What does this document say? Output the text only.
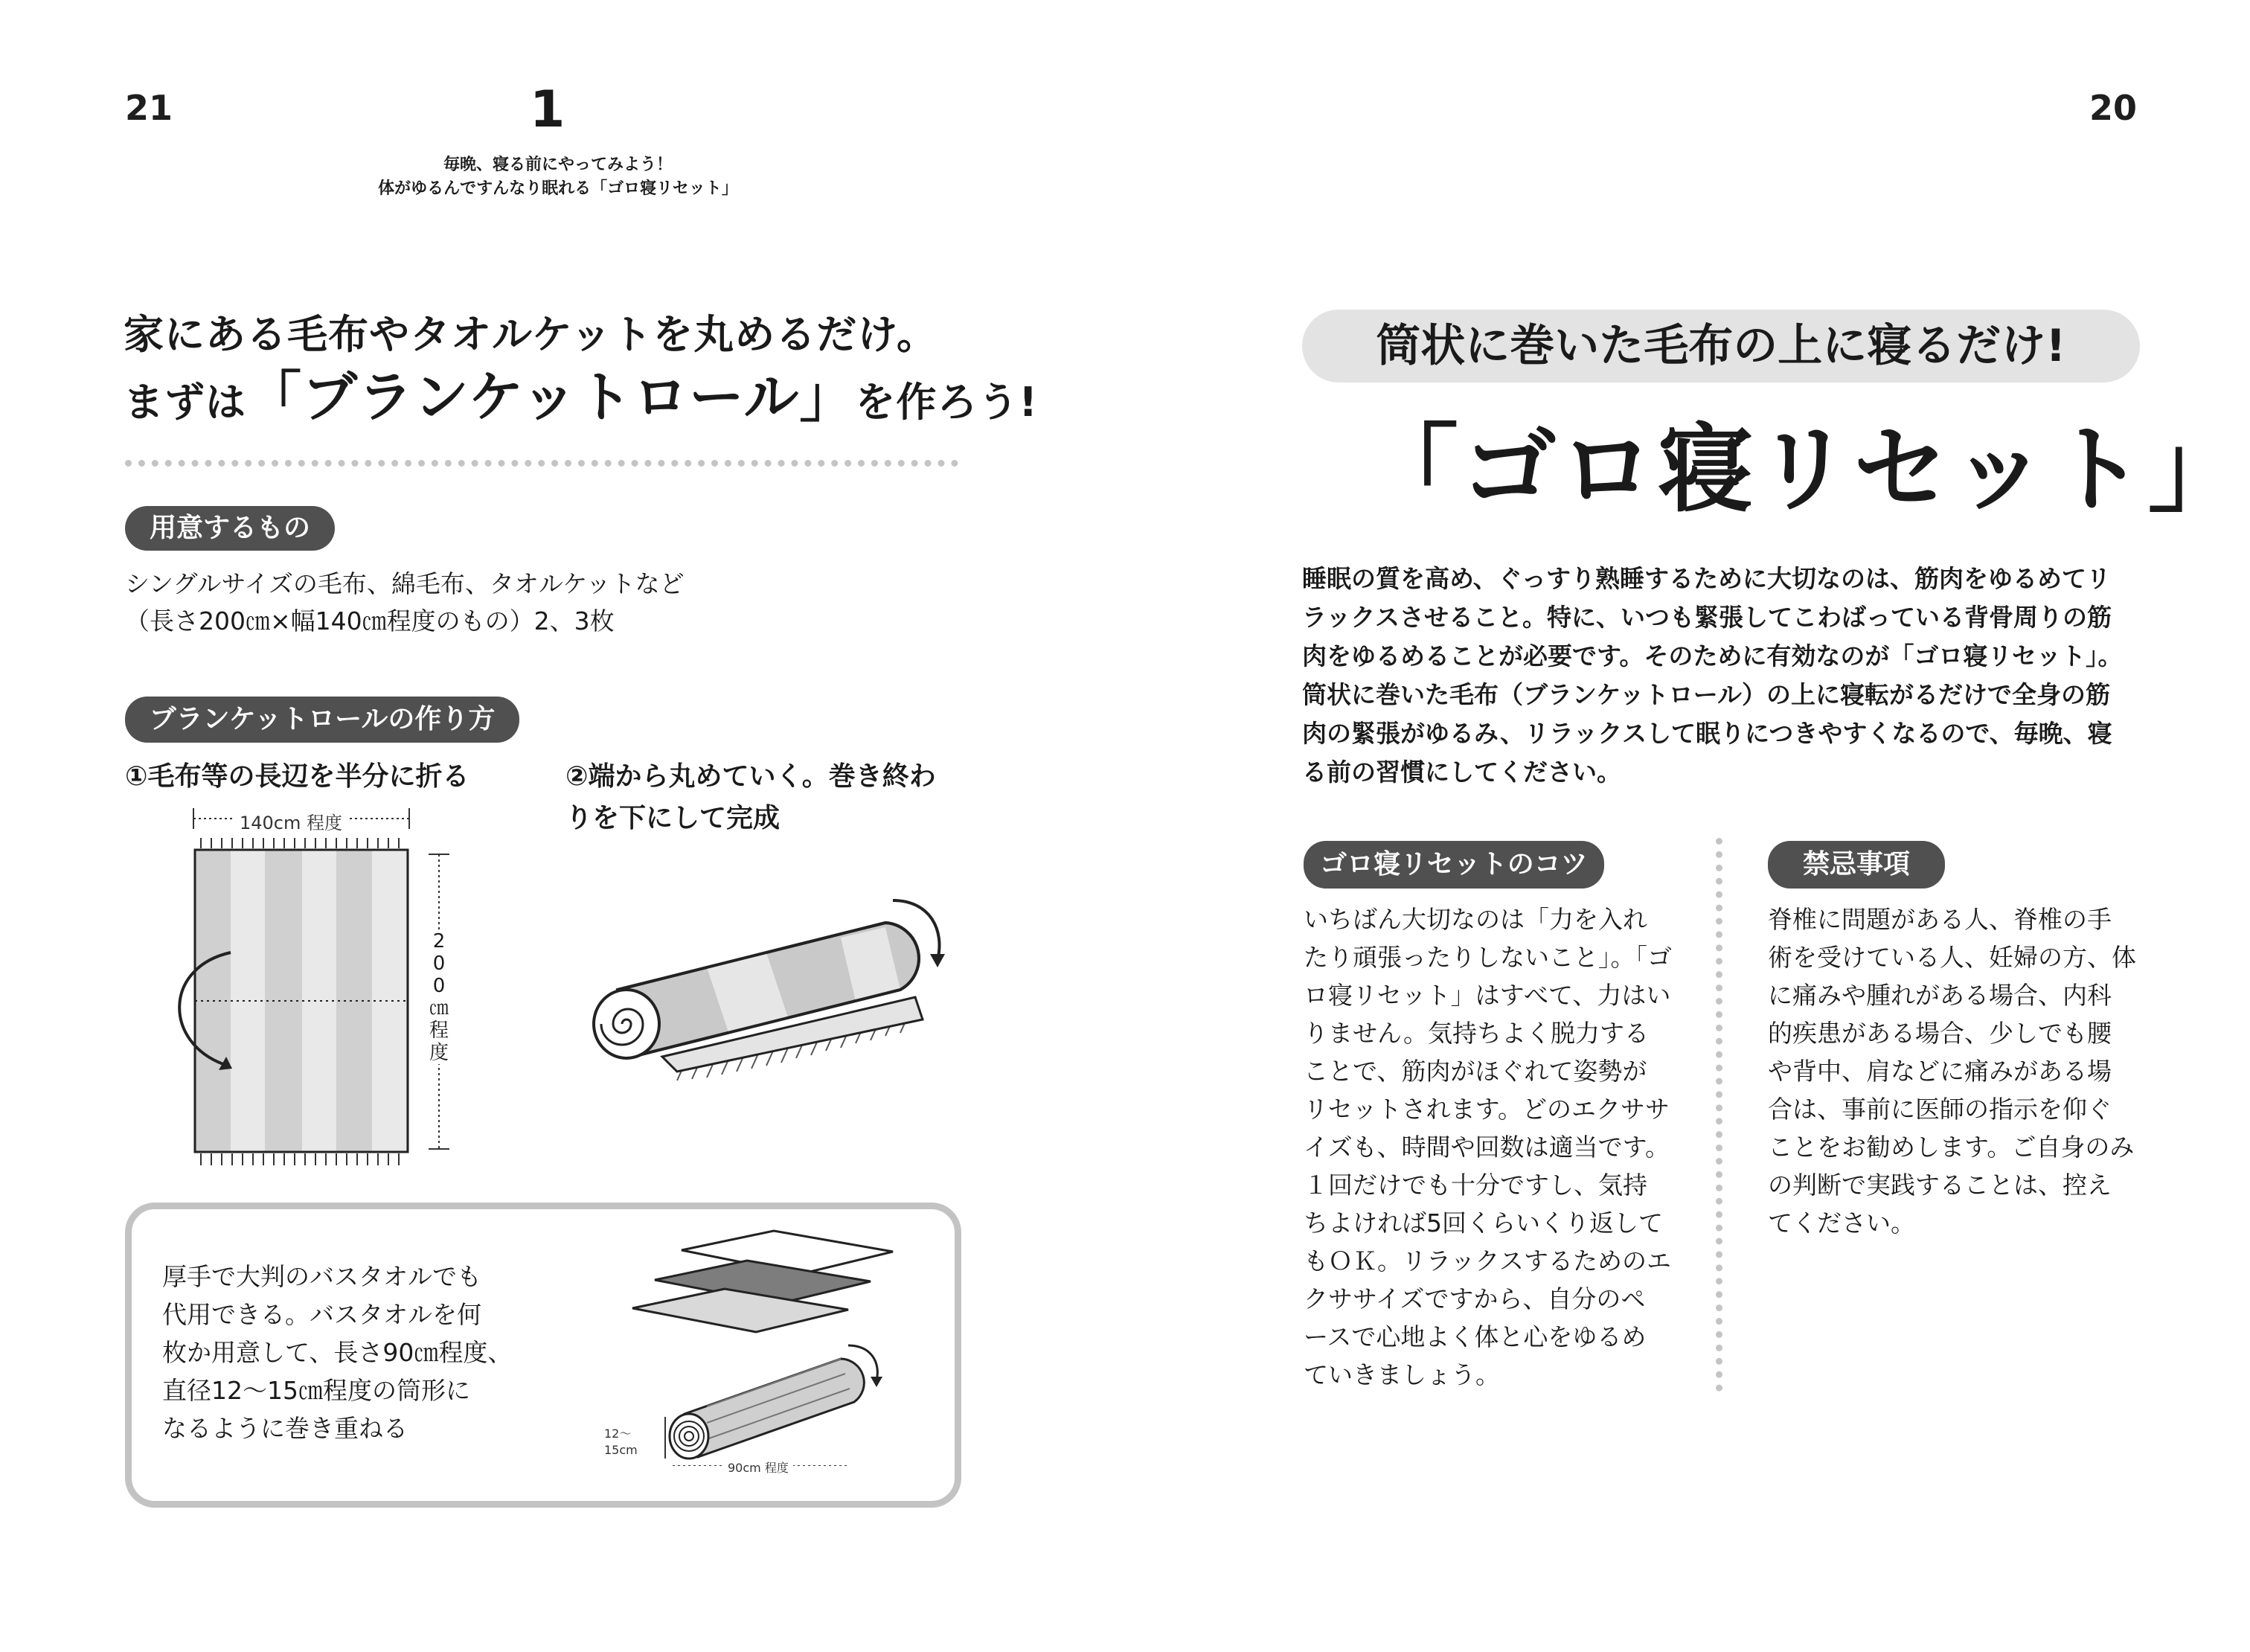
21	1
毎晩、寝る前にやってみよう！
体がゆるんですんなり眠れる「ゴロ寝リセット」
家にある毛布やタオルケットを丸めるだけ。
まずは「ブランケットロール」を作ろう!
用意するもの
シングルサイズの毛布、綿毛布、タオルケットなど
（長さ200㎝×幅140㎝程度のもの）2、3枚
ブランケットロールの作り方
①毛布等の長辺を半分に折る	②端から丸めていく。巻き終わ
りを下にして完成
140cm 程度
2
0
0
㎝
程
度
厚手で大判のバスタオルでも
代用できる。バスタオルを何
枚か用意して、長さ90㎝程度、
直径12～15㎝程度の筒形に
なるように巻き重ねる	12～
15cm
90cm 程度
20
筒状に巻いた毛布の上に寝るだけ!
「ゴロ寝リセット」
睡眠の質を高め、ぐっすり熟睡するために大切なのは、筋肉をゆるめてリ
ラックスさせること。特に、いつも緊張してこわばっている背骨周りの筋
肉をゆるめることが必要です。そのために有効なのが「ゴロ寝リセット」。
筒状に巻いた毛布（ブランケットロール）の上に寝転がるだけで全身の筋
肉の緊張がゆるみ、リラックスして眠りにつきやすくなるので、毎晩、寝
る前の習慣にしてください。
ゴロ寝リセットのコツ
いちばん大切なのは「力を入れ
たり頑張ったりしないこと」。「ゴ
ロ寝リセット」はすべて、力はい
りません。気持ちよく脱力する
ことで、筋肉がほぐれて姿勢が
リセットされます。どのエクササ
イズも、時間や回数は適当です。
１回だけでも十分ですし、気持
ちよければ5回くらいくり返して
もＯＫ。リラックスするためのエ
クササイズですから、自分のペ
ースで心地よく体と心をゆるめ
ていきましょう。
禁忌事項
脊椎に問題がある人、脊椎の手
術を受けている人、妊婦の方、体
に痛みや腫れがある場合、内科
的疾患がある場合、少しでも腰
や背中、肩などに痛みがある場
合は、事前に医師の指示を仰ぐ
ことをお勧めします。ご自身のみ
の判断で実践することは、控え
てください。
